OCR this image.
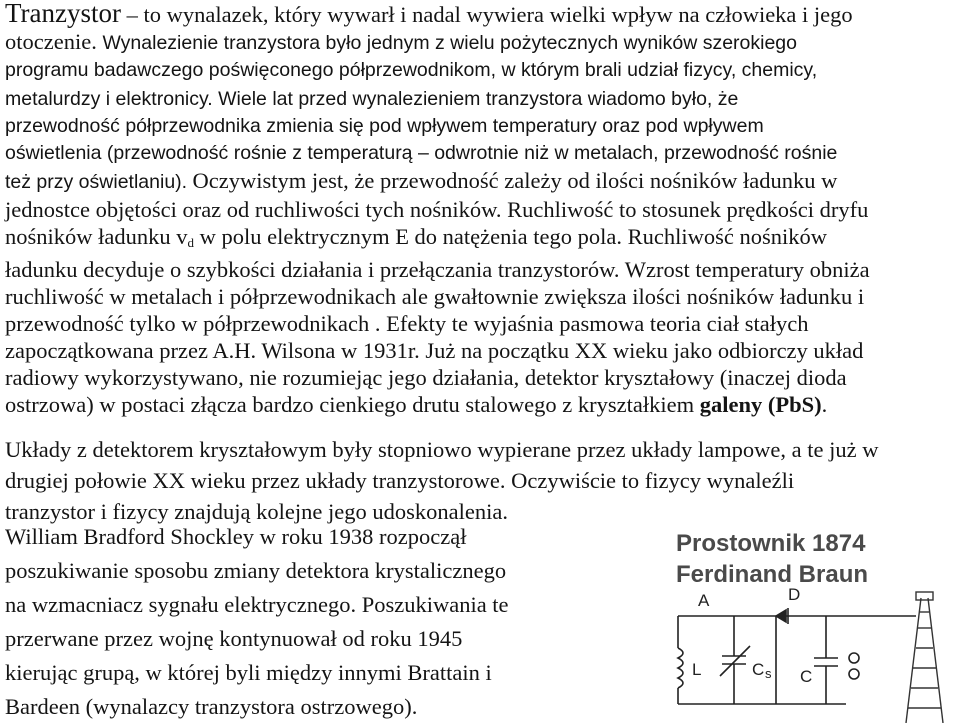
Tranzystor – to wynalazek, który wywarł i nadal wywiera wielki wpływ na człowieka i jego
otoczenie. Wynalezienie tranzystora było jednym z wielu pożytecznych wyników szerokiego
programu badawczego poświęconego półprzewodnikom, w którym brali udział fizycy, chemicy,
metalurdzy i elektronicy. Wiele lat przed wynalezieniem tranzystora wiadomo było, że
przewodność półprzewodnika zmienia się pod wpływem temperatury oraz pod wpływem
oświetlenia (przewodność rośnie z temperaturą – odwrotnie niż w metalach, przewodność rośnie
też przy oświetlaniu). Oczywistym jest, że przewodność zależy od ilości nośników ładunku w
jednostce objętości oraz od ruchliwości tych nośników. Ruchliwość to stosunek prędkości dryfu
nośników ładunku $v_d$ w polu elektrycznym E do natężenia tego pola. Ruchliwość nośników
ładunku decyduje o szybkości działania i przełączania tranzystorów. Wzrost temperatury obniża
ruchliwość w metalach i półprzewodnikach ale gwałtownie zwiększa ilości nośników ładunku i
przewodność tylko w półprzewodnikach . Efekty te wyjaśnia pasmowa teoria ciał stałych
zapoczątkowana przez A.H. Wilsona w 1931r. Już na początku XX wieku jako odbiorczy układ
radiowy wykorzystywano, nie rozumiejąc jego działania, detektor kryształowy (inaczej dioda
ostrzowa) w postaci złącza bardzo cienkiego drutu stalowego z kryształkiem galeny (PbS).
Układy z detektorem kryształowym były stopniowo wypierane przez układy lampowe, a te już w
drugiej połowie XX wieku przez układy tranzystorowe. Oczywiście to fizycy wynaleźli
tranzystor i fizycy znajdują kolejne jego udoskonalenia.
William Bradford Shockley w roku 1938 rozpoczął
poszukiwanie sposobu zmiany detektora krystalicznego
na wzmacniacz sygnału elektrycznego. Poszukiwania te
przerwane przez wojnę kontynuował od roku 1945
kierując grupą, w której byli między innymi Brattain i
Bardeen (wynalazcy tranzystora ostrzowego).
Prostownik 1874
Ferdinand Braun
A	D
L	C s C
